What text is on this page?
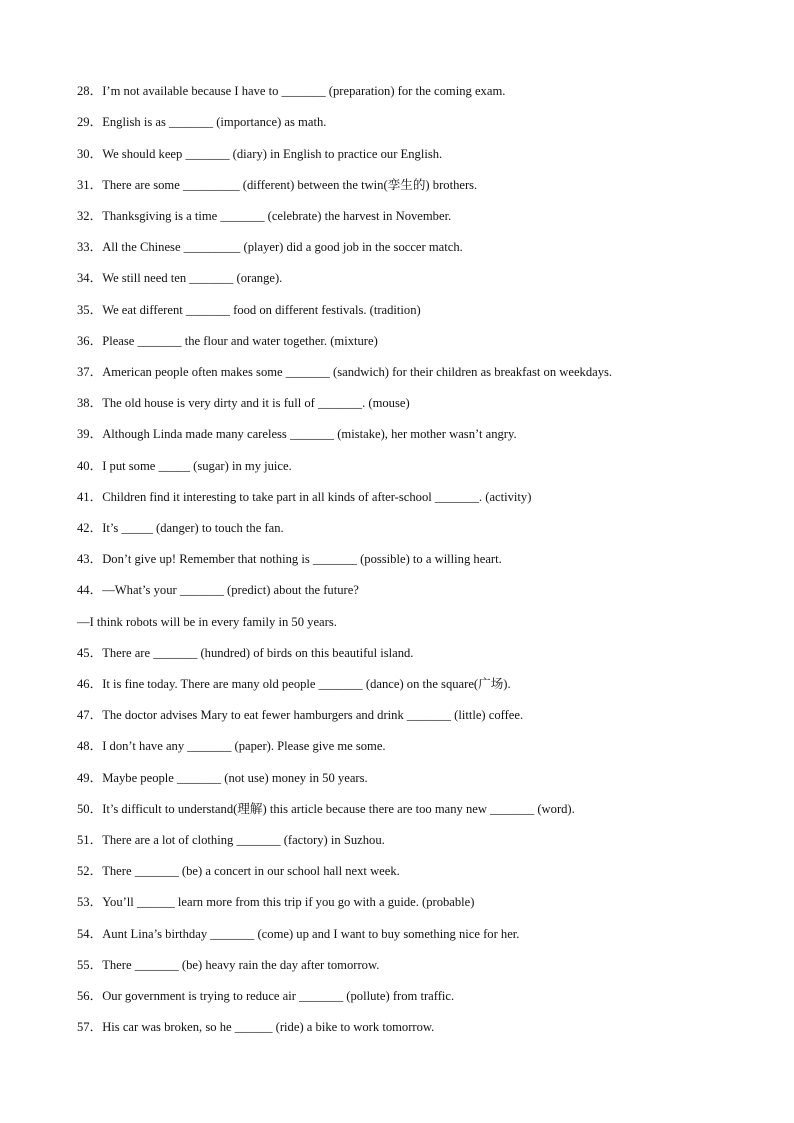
28．I’m not available because I have to _______ (preparation) for the coming exam.
29．English is as _______ (importance) as math.
30．We should keep _______ (diary) in English to practice our English.
31．There are some _________ (different) between the twin(孪生的) brothers.
32．Thanksgiving is a time _______ (celebrate) the harvest in November.
33．All the Chinese _________ (player) did a good job in the soccer match.
34．We still need ten _______ (orange).
35．We eat different _______ food on different festivals. (tradition)
36．Please _______ the flour and water together. (mixture)
37．American people often makes some _______ (sandwich) for their children as breakfast on weekdays.
38．The old house is very dirty and it is full of _______. (mouse)
39．Although Linda made many careless _______ (mistake), her mother wasn’t angry.
40．I put some _____ (sugar) in my juice.
41．Children find it interesting to take part in all kinds of after-school _______. (activity)
42．It’s _____ (danger) to touch the fan.
43．Don’t give up! Remember that nothing is _______ (possible) to a willing heart.
44．—What’s your _______ (predict) about the future?
—I think robots will be in every family in 50 years.
45．There are _______ (hundred) of birds on this beautiful island.
46．It is fine today. There are many old people _______ (dance) on the square(广场).
47．The doctor advises Mary to eat fewer hamburgers and drink _______ (little) coffee.
48．I don’t have any _______ (paper). Please give me some.
49．Maybe people _______ (not use) money in 50 years.
50．It’s difficult to understand(理解) this article because there are too many new _______ (word).
51．There are a lot of clothing _______ (factory) in Suzhou.
52．There _______ (be) a concert in our school hall next week.
53．You’ll ______ learn more from this trip if you go with a guide. (probable)
54．Aunt Lina’s birthday _______ (come) up and I want to buy something nice for her.
55．There _______ (be) heavy rain the day after tomorrow.
56．Our government is trying to reduce air _______ (pollute) from traffic.
57．His car was broken, so he ______ (ride) a bike to work tomorrow.
